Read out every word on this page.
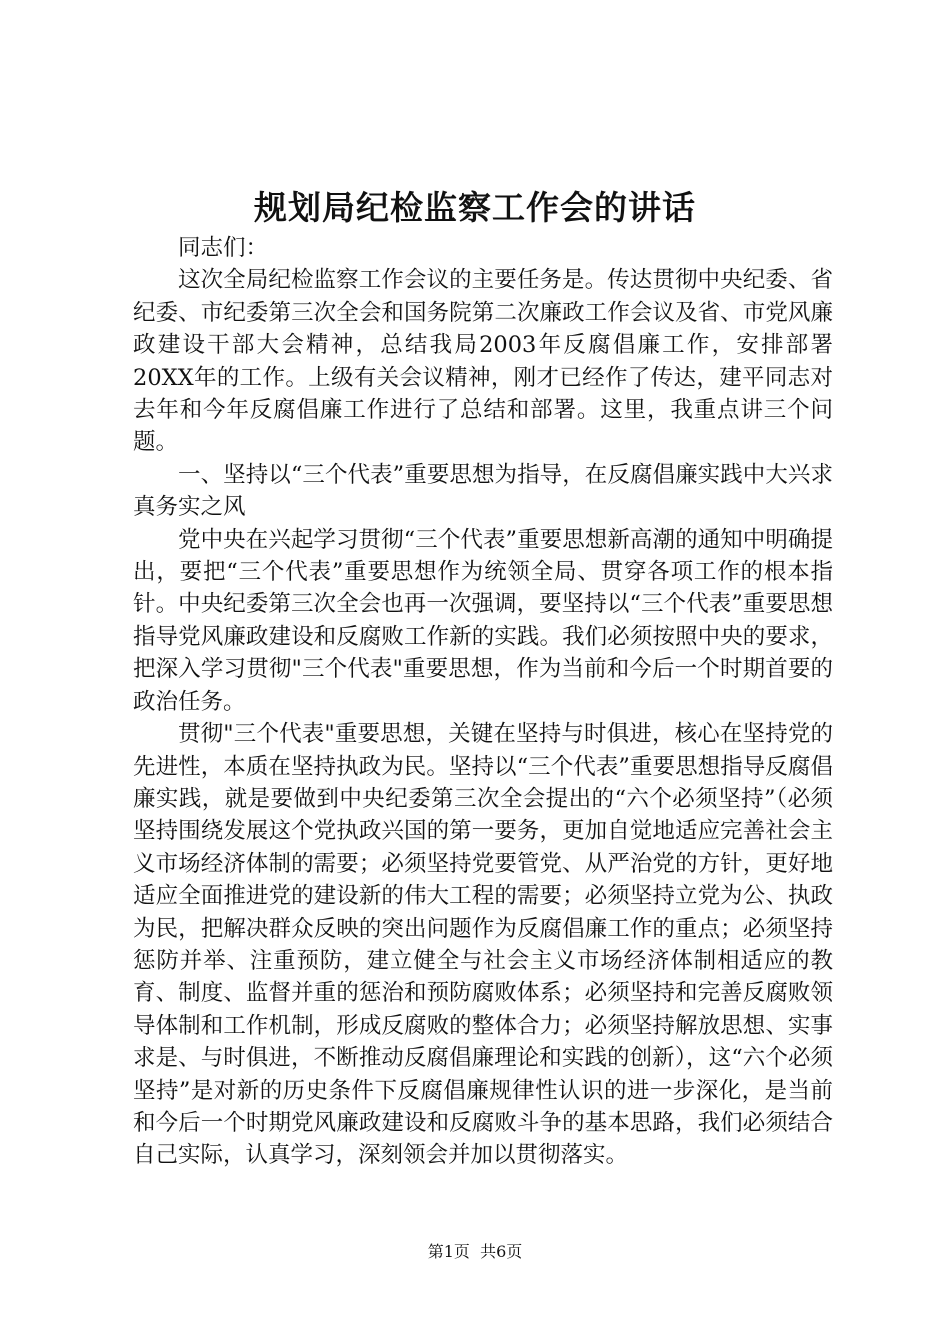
规划局纪检监察工作会的讲话

同志们：

这次全局纪检监察工作会议的主要任务是。传达贯彻中央纪委、省纪委、市纪委第三次全会和国务院第二次廉政工作会议及省、市党风廉政建设干部大会精神，总结我局2003年反腐倡廉工作，安排部署20XX年的工作。上级有关会议精神，刚才已经作了传达，建平同志对去年和今年反腐倡廉工作进行了总结和部署。这里，我重点讲三个问题。

一、坚持以“三个代表”重要思想为指导，在反腐倡廉实践中大兴求真务实之风

党中央在兴起学习贯彻“三个代表”重要思想新高潮的通知中明确提出，要把“三个代表”重要思想作为统领全局、贯穿各项工作的根本指针。中央纪委第三次全会也再一次强调，要坚持以“三个代表”重要思想指导党风廉政建设和反腐败工作新的实践。我们必须按照中央的要求，把深入学习贯彻"三个代表"重要思想，作为当前和今后一个时期首要的政治任务。

贯彻"三个代表"重要思想，关键在坚持与时俱进，核心在坚持党的先进性，本质在坚持执政为民。坚持以“三个代表”重要思想指导反腐倡廉实践，就是要做到中央纪委第三次全会提出的“六个必须坚持”（必须坚持围绕发展这个党执政兴国的第一要务，更加自觉地适应完善社会主义市场经济体制的需要；必须坚持党要管党、从严治党的方针，更好地适应全面推进党的建设新的伟大工程的需要；必须坚持立党为公、执政为民，把解决群众反映的突出问题作为反腐倡廉工作的重点；必须坚持惩防并举、注重预防，建立健全与社会主义市场经济体制相适应的教育、制度、监督并重的惩治和预防腐败体系；必须坚持和完善反腐败领导体制和工作机制，形成反腐败的整体合力；必须坚持解放思想、实事求是、与时俱进，不断推动反腐倡廉理论和实践的创新），这“六个必须坚持”是对新的历史条件下反腐倡廉规律性认识的进一步深化，是当前和今后一个时期党风廉政建设和反腐败斗争的基本思路，我们必须结合自己实际，认真学习，深刻领会并加以贯彻落实。

第1页  共6页
